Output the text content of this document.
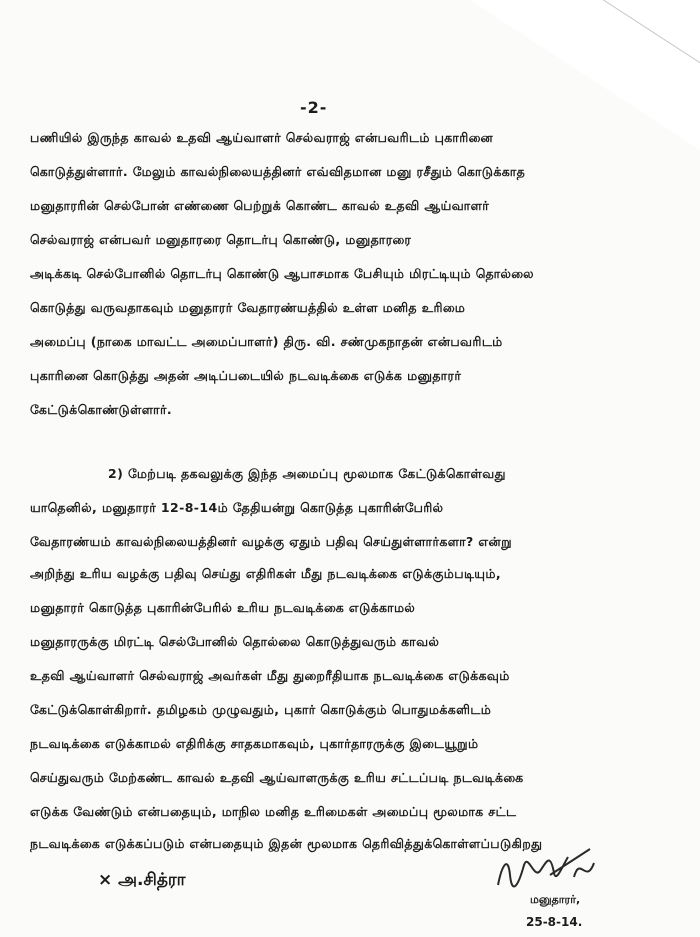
-2-
பணியில் இருந்த காவல் உதவி ஆய்வாளர் செல்வராஜ் என்பவரிடம் புகாரினை
கொடுத்துள்ளார். மேலும் காவல்நிலையத்தினர் எவ்விதமான மனு ரசீதும் கொடுக்காத
மனுதாரரின் செல்போன் எண்ணை பெற்றுக் கொண்ட காவல் உதவி ஆய்வாளர்
செல்வராஜ் என்பவர் மனுதாரரை தொடர்பு கொண்டு, மனுதாரரை
அடிக்கடி செல்போனில் தொடர்பு கொண்டு ஆபாசமாக பேசியும் மிரட்டியும் தொல்லை
கொடுத்து வருவதாகவும் மனுதாரர் வேதாரண்யத்தில் உள்ள மனித உரிமை
அமைப்பு (நாகை மாவட்ட அமைப்பாளர்) திரு. வி. சண்முகநாதன் என்பவரிடம்
புகாரினை கொடுத்து அதன் அடிப்படையில் நடவடிக்கை எடுக்க மனுதாரர்
கேட்டுக்கொண்டுள்ளார்.
2) மேற்படி தகவலுக்கு இந்த அமைப்பு மூலமாக கேட்டுக்கொள்வது
யாதெனில், மனுதாரர் 12-8-14ம் தேதியன்று கொடுத்த புகாரின்பேரில்
வேதாரண்யம் காவல்நிலையத்தினர் வழக்கு ஏதும் பதிவு செய்துள்ளார்களா? என்று
அறிந்து உரிய வழக்கு பதிவு செய்து எதிரிகள் மீது நடவடிக்கை எடுக்கும்படியும்,
மனுதாரர் கொடுத்த புகாரின்பேரில் உரிய நடவடிக்கை எடுக்காமல்
மனுதாரருக்கு மிரட்டி செல்போனில் தொல்லை கொடுத்துவரும் காவல்
உதவி ஆய்வாளர் செல்வராஜ் அவர்கள் மீது துறைரீதியாக நடவடிக்கை எடுக்கவும்
கேட்டுக்கொள்கிறார். தமிழகம் முழுவதும், புகார் கொடுக்கும் பொதுமக்களிடம்
நடவடிக்கை எடுக்காமல் எதிரிக்கு சாதகமாகவும், புகார்தாரருக்கு இடையூறும்
செய்துவரும் மேற்கண்ட காவல் உதவி ஆய்வாளருக்கு உரிய சட்டப்படி நடவடிக்கை
எடுக்க வேண்டும் என்பதையும், மாநில மனித உரிமைகள் அமைப்பு மூலமாக சட்ட
நடவடிக்கை எடுக்கப்படும் என்பதையும் இதன் மூலமாக தெரிவித்துக்கொள்ளப்படுகிறது
× அ.சித்ரா
மனுதாரர்,
25-8-14.
